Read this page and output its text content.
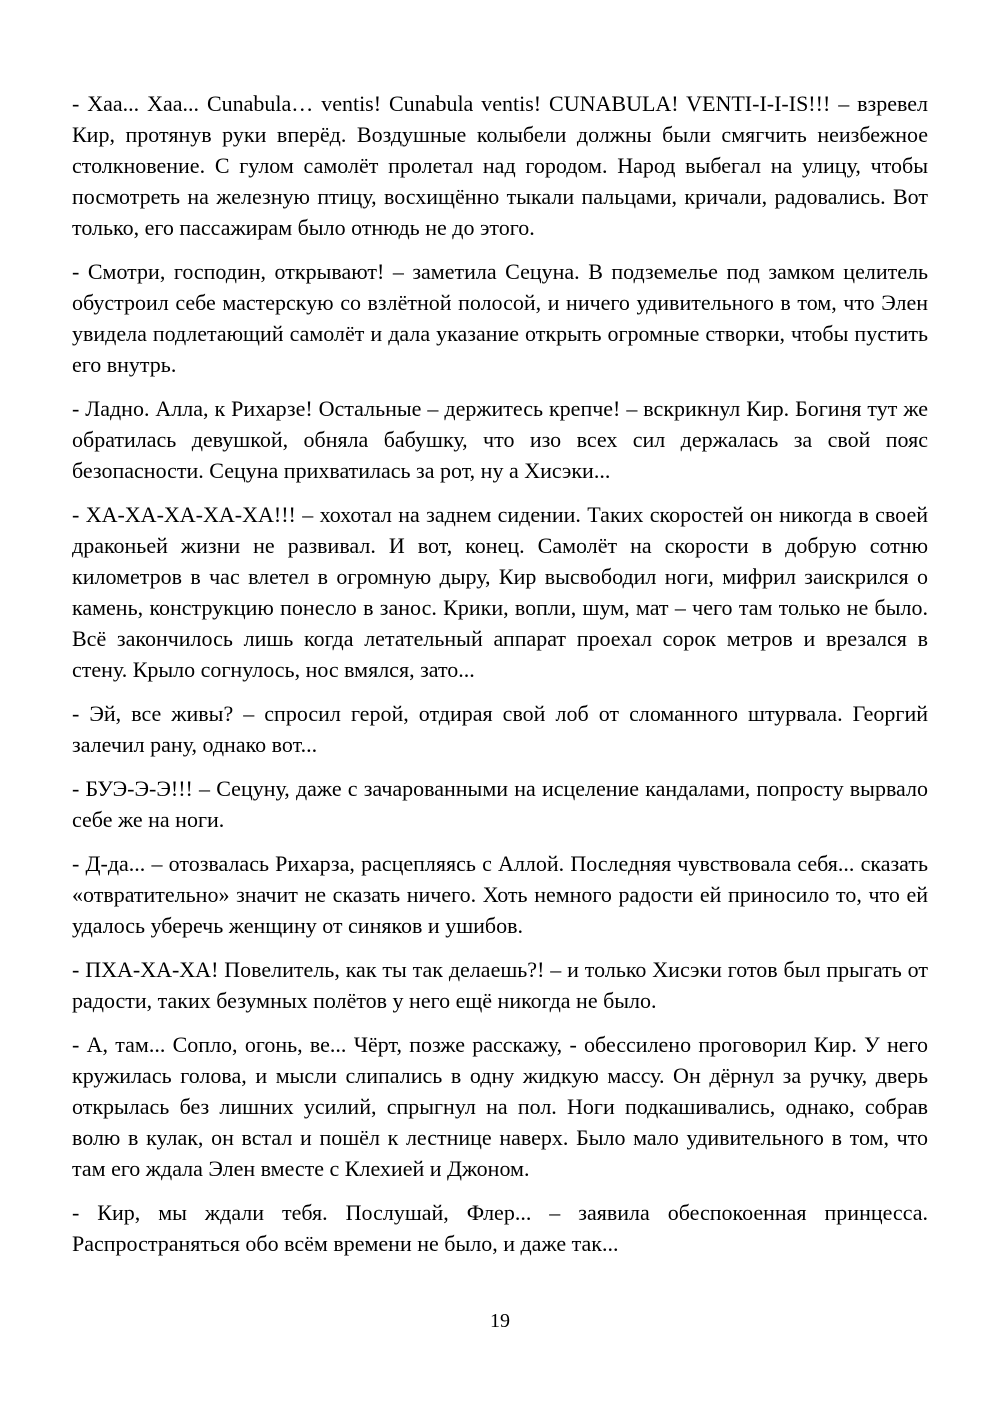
- Хаа... Хаа... Cunabula… ventis! Cunabula ventis! CUNABULA! VENTI-I-I-IS!!! – взревел Кир, протянув руки вперёд. Воздушные колыбели должны были смягчить неизбежное столкновение. С гулом самолёт пролетал над городом. Народ выбегал на улицу, чтобы посмотреть на железную птицу, восхищённо тыкали пальцами, кричали, радовались. Вот только, его пассажирам было отнюдь не до этого.

- Смотри, господин, открывают! – заметила Сецуна. В подземелье под замком целитель обустроил себе мастерскую со взлётной полосой, и ничего удивительного в том, что Элен увидела подлетающий самолёт и дала указание открыть огромные створки, чтобы пустить его внутрь.

- Ладно. Алла, к Рихарзе! Остальные – держитесь крепче! – вскрикнул Кир. Богиня тут же обратилась девушкой, обняла бабушку, что изо всех сил держалась за свой пояс безопасности. Сецуна прихватилась за рот, ну а Хисэки...

- ХА-ХА-ХА-ХА-ХА!!! – хохотал на заднем сидении. Таких скоростей он никогда в своей драконьей жизни не развивал. И вот, конец. Самолёт на скорости в добрую сотню километров в час влетел в огромную дыру, Кир высвободил ноги, мифрил заискрился о камень, конструкцию понесло в занос. Крики, вопли, шум, мат – чего там только не было. Всё закончилось лишь когда летательный аппарат проехал сорок метров и врезался в стену. Крыло согнулось, нос вмялся, зато...

- Эй, все живы? – спросил герой, отдирая свой лоб от сломанного штурвала. Георгий залечил рану, однако вот...

- БУЭ-Э-Э!!! – Сецуну, даже с зачарованными на исцеление кандалами, попросту вырвало себе же на ноги.

- Д-да... – отозвалась Рихарза, расцепляясь с Аллой. Последняя чувствовала себя... сказать «отвратительно» значит не сказать ничего. Хоть немного радости ей приносило то, что ей удалось уберечь женщину от синяков и ушибов.

- ПХА-ХА-ХА! Повелитель, как ты так делаешь?! – и только Хисэки готов был прыгать от радости, таких безумных полётов у него ещё никогда не было.

- А, там... Сопло, огонь, ве... Чёрт, позже расскажу, - обессилено проговорил Кир. У него кружилась голова, и мысли слипались в одну жидкую массу. Он дёрнул за ручку, дверь открылась без лишних усилий, спрыгнул на пол. Ноги подкашивались, однако, собрав волю в кулак, он встал и пошёл к лестнице наверх. Было мало удивительного в том, что там его ждала Элен вместе с Клехией и Джоном.

- Кир, мы ждали тебя. Послушай, Флер... – заявила обеспокоенная принцесса. Распространяться обо всём времени не было, и даже так...

19
